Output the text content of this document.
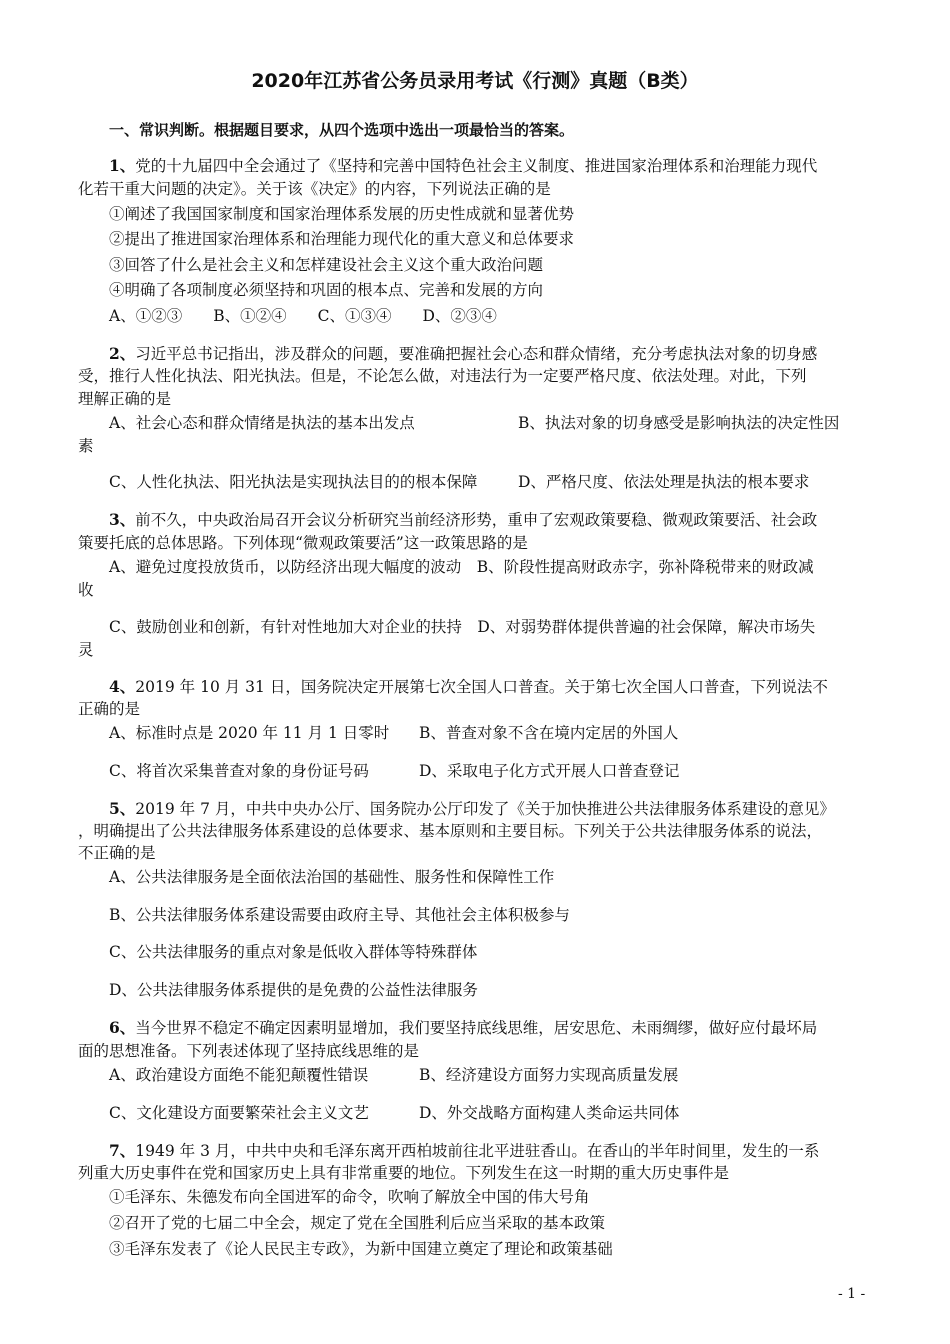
2020年江苏省公务员录用考试《行测》真题（B类）
一、常识判断。根据题目要求，从四个选项中选出一项最恰当的答案。
1、党的十九届四中全会通过了《坚持和完善中国特色社会主义制度、推进国家治理体系和治理能力现代
化若干重大问题的决定》。关于该《决定》的内容，下列说法正确的是
①阐述了我国国家制度和国家治理体系发展的历史性成就和显著优势
②提出了推进国家治理体系和治理能力现代化的重大意义和总体要求
③回答了什么是社会主义和怎样建设社会主义这个重大政治问题
④明确了各项制度必须坚持和巩固的根本点、完善和发展的方向
A、①②③　　B、①②④　　C、①③④　　D、②③④
2、习近平总书记指出，涉及群众的问题，要准确把握社会心态和群众情绪，充分考虑执法对象的切身感
受，推行人性化执法、阳光执法。但是，不论怎么做，对违法行为一定要严格尺度、依法处理。对此，下列
理解正确的是
A、社会心态和群众情绪是执法的基本出发点	B、执法对象的切身感受是影响执法的决定性因
素
C、人性化执法、阳光执法是实现执法目的的根本保障	D、严格尺度、依法处理是执法的根本要求
3、前不久，中央政治局召开会议分析研究当前经济形势，重申了宏观政策要稳、微观政策要活、社会政
策要托底的总体思路。下列体现“微观政策要活”这一政策思路的是
A、避免过度投放货币，以防经济出现大幅度的波动　B、阶段性提高财政赤字，弥补降税带来的财政减
收
C、鼓励创业和创新，有针对性地加大对企业的扶持　D、对弱势群体提供普遍的社会保障，解决市场失
灵
4、2019 年 10 月 31 日，国务院决定开展第七次全国人口普查。关于第七次全国人口普查，下列说法不
正确的是
A、标准时点是 2020 年 11 月 1 日零时 B、普查对象不含在境内定居的外国人
C、将首次采集普查对象的身份证号码	D、采取电子化方式开展人口普查登记
5、2019 年 7 月，中共中央办公厅、国务院办公厅印发了《关于加快推进公共法律服务体系建设的意见》
，明确提出了公共法律服务体系建设的总体要求、基本原则和主要目标。下列关于公共法律服务体系的说法，
不正确的是
A、公共法律服务是全面依法治国的基础性、服务性和保障性工作
B、公共法律服务体系建设需要由政府主导、其他社会主体积极参与
C、公共法律服务的重点对象是低收入群体等特殊群体
D、公共法律服务体系提供的是免费的公益性法律服务
6、当今世界不稳定不确定因素明显增加，我们要坚持底线思维，居安思危、未雨绸缪，做好应付最坏局
面的思想准备。下列表述体现了坚持底线思维的是
A、政治建设方面绝不能犯颠覆性错误	B、经济建设方面努力实现高质量发展
C、文化建设方面要繁荣社会主义文艺	D、外交战略方面构建人类命运共同体
7、1949 年 3 月，中共中央和毛泽东离开西柏坡前往北平进驻香山。在香山的半年时间里，发生的一系
列重大历史事件在党和国家历史上具有非常重要的地位。下列发生在这一时期的重大历史事件是
①毛泽东、朱德发布向全国进军的命令，吹响了解放全中国的伟大号角
②召开了党的七届二中全会，规定了党在全国胜利后应当采取的基本政策
③毛泽东发表了《论人民民主专政》，为新中国建立奠定了理论和政策基础
- 1 -
